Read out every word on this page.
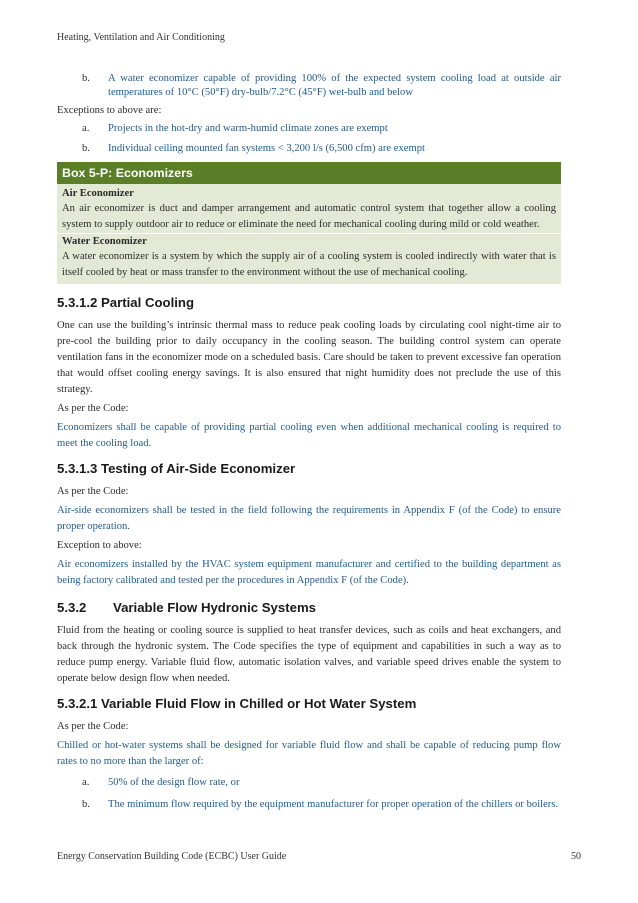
Heating, Ventilation and Air Conditioning
b. A water economizer capable of providing 100% of the expected system cooling load at outside air temperatures of 10°C (50°F) dry-bulb/7.2°C (45°F) wet-bulb and below

Exceptions to above are:

a. Projects in the hot-dry and warm-humid climate zones are exempt
b. Individual ceiling mounted fan systems < 3,200 l/s (6,500 cfm) are exempt
Box 5-P: Economizers
Air Economizer

An air economizer is duct and damper arrangement and automatic control system that together allow a cooling system to supply outdoor air to reduce or eliminate the need for mechanical cooling during mild or cold weather.

Water Economizer

A water economizer is a system by which the supply air of a cooling system is cooled indirectly with water that is itself cooled by heat or mass transfer to the environment without the use of mechanical cooling.

5.3.1.2 Partial Cooling

One can use the building’s intrinsic thermal mass to reduce peak cooling loads by circulating cool night-time air to pre-cool the building prior to daily occupancy in the cooling season. The building control system can operate ventilation fans in the economizer mode on a scheduled basis. Care should be taken to prevent excessive fan operation that would offset cooling energy savings. It is also ensured that night humidity does not preclude the use of this strategy.

As per the Code:

Economizers shall be capable of providing partial cooling even when additional mechanical cooling is required to meet the cooling load.

5.3.1.3 Testing of Air-Side Economizer

As per the Code:

Air-side economizers shall be tested in the field following the requirements in Appendix F (of the Code) to ensure proper operation.

Exception to above:

Air economizers installed by the HVAC system equipment manufacturer and certified to the building department as being factory calibrated and tested per the procedures in Appendix F (of the Code).

5.3.2 Variable Flow Hydronic Systems

Fluid from the heating or cooling source is supplied to heat transfer devices, such as coils and heat exchangers, and back through the hydronic system. The Code specifies the type of equipment and capabilities in such a way as to reduce pump energy. Variable fluid flow, automatic isolation valves, and variable speed drives enable the system to operate below design flow when needed.

5.3.2.1 Variable Fluid Flow in Chilled or Hot Water System

As per the Code:

Chilled or hot-water systems shall be designed for variable fluid flow and shall be capable of reducing pump flow rates to no more than the larger of:

a. 50% of the design flow rate, or
b. The minimum flow required by the equipment manufacturer for proper operation of the chillers or boilers.
Energy Conservation Building Code (ECBC) User Guide	50
